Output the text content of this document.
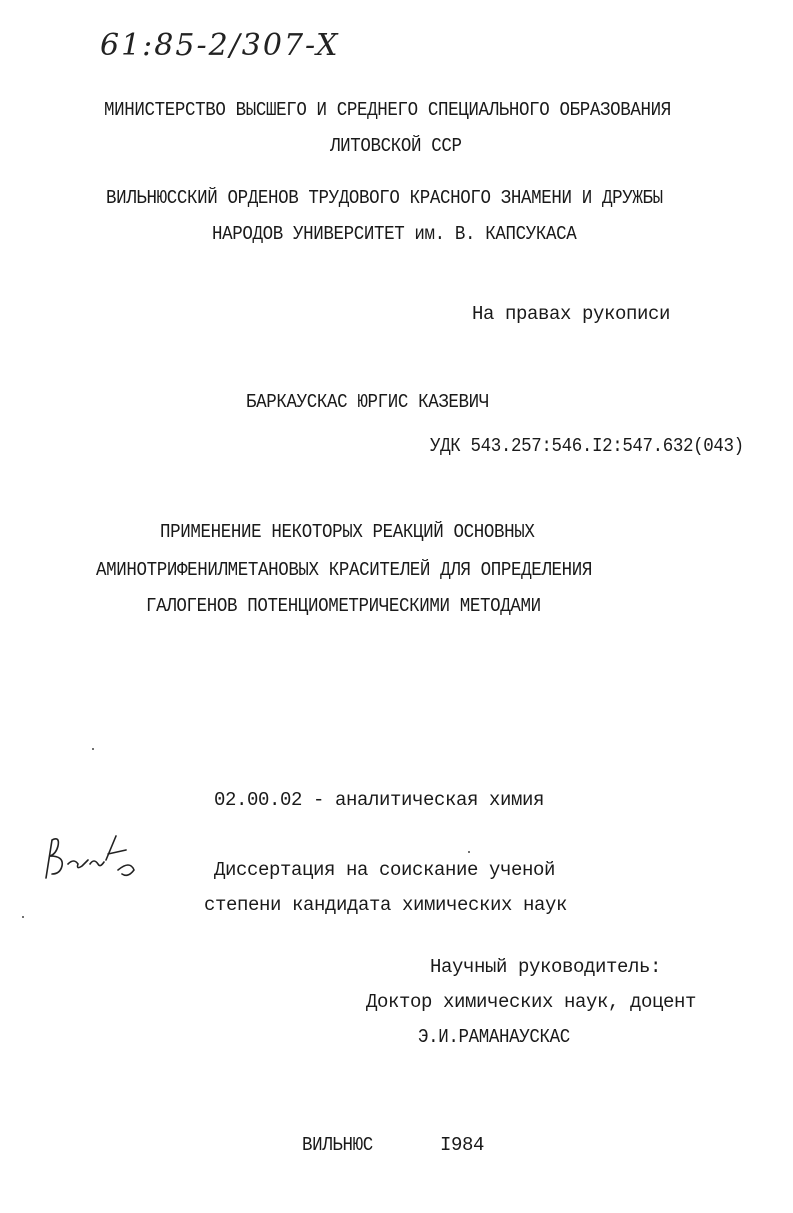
61:85-2/307-X
МИНИСТЕРСТВО ВЫСШЕГО И СРЕДНЕГО СПЕЦИАЛЬНОГО ОБРАЗОВАНИЯ
ЛИТОВСКОЙ ССР
ВИЛЬНЮССКИЙ ОРДЕНОВ ТРУДОВОГО КРАСНОГО ЗНАМЕНИ И ДРУЖБЫ
НАРОДОВ УНИВЕРСИТЕТ им. В. КАПСУКАСА
На правах рукописи
БАРКАУСКАС ЮРГИС КАЗЕВИЧ
УДК 543.257:546.I2:547.632(043)
ПРИМЕНЕНИЕ НЕКОТОРЫХ РЕАКЦИЙ ОСНОВНЫХ
АМИНОТРИФЕНИЛМЕТАНОВЫХ КРАСИТЕЛЕЙ ДЛЯ ОПРЕДЕЛЕНИЯ
ГАЛОГЕНОВ ПОТЕНЦИОМЕТРИЧЕСКИМИ МЕТОДАМИ
02.00.02 - аналитическая химия
Диссертация на соискание ученой
степени кандидата химических наук
Научный руководитель:
Доктор химических наук, доцент
Э.И.РАМАНАУСКАС
ВИЛЬНЮС	I984
